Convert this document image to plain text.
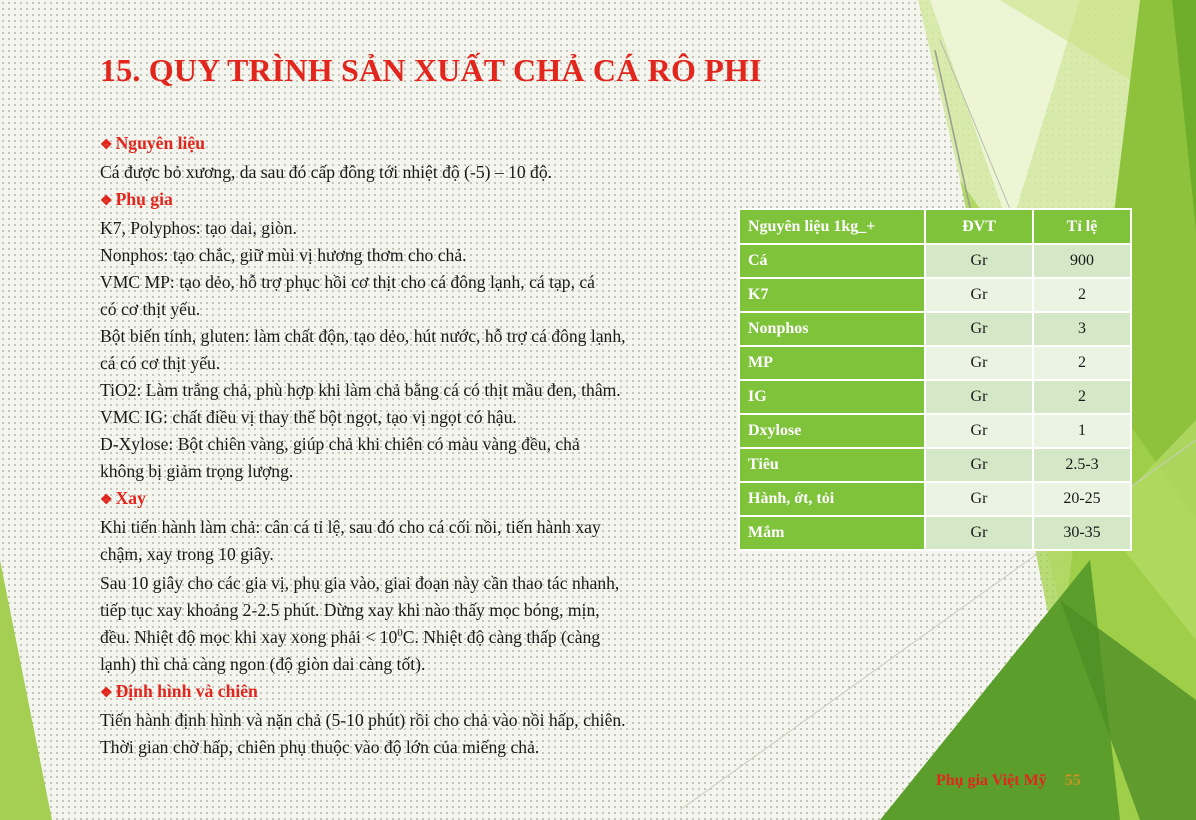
15. QUY TRÌNH SẢN XUẤT CHẢ CÁ RÔ PHI
❖ Nguyên liệu

Cá được bỏ xương, da sau đó cấp đông tới nhiệt độ (-5) – 10 độ.

❖ Phụ gia

K7, Polyphos: tạo dai, giòn.

Nonphos: tạo chắc, giữ mùi vị hương thơm cho chả.

VMC MP: tạo dẻo, hỗ trợ phục hồi cơ thịt cho cá đông lạnh, cá tạp, cá

có cơ thịt yếu.

Bột biến tính, gluten: làm chất độn, tạo dẻo, hút nước, hỗ trợ cá đông lạnh,

cá có cơ thịt yếu.

TiO2: Làm trắng chả, phù hợp khi làm chả bằng cá có thịt mầu đen, thâm.

VMC IG: chất điều vị thay thế bột ngọt, tạo vị ngọt có hậu.

D-Xylose: Bột chiên vàng, giúp chả khi chiên có màu vàng đều, chả

không bị giảm trọng lượng.

❖ Xay

Khi tiến hành làm chả: cân cá tỉ lệ, sau đó cho cá cối nồi, tiến hành xay

chậm, xay trong 10 giây.

Sau 10 giây cho các gia vị, phụ gia vào, giai đoạn này cần thao tác nhanh,

tiếp tục xay khoảng 2-2.5 phút. Dừng xay khi nào thấy mọc bóng, mịn,

đều. Nhiệt độ mọc khi xay xong phải < $10^0C$. Nhiệt độ càng thấp (càng

lạnh) thì chả càng ngon (độ giòn dai càng tốt).

❖ Định hình và chiên

Tiến hành định hình và nặn chả (5-10 phút) rồi cho chả vào nồi hấp, chiên.

Thời gian chờ hấp, chiên phụ thuộc vào độ lớn của miếng chả.

Nguyên liệu 1kg_+	ĐVT	Tỉ lệ
Cá	Gr	900
K7	Gr	2
Nonphos	Gr	3
MP	Gr	2
IG	Gr	2
Dxylose	Gr	1
Tiêu	Gr	2.5-3
Hành, ớt, tỏi	Gr	20-25
Mắm	Gr	30-35
Phụ gia Việt Mỹ 55
